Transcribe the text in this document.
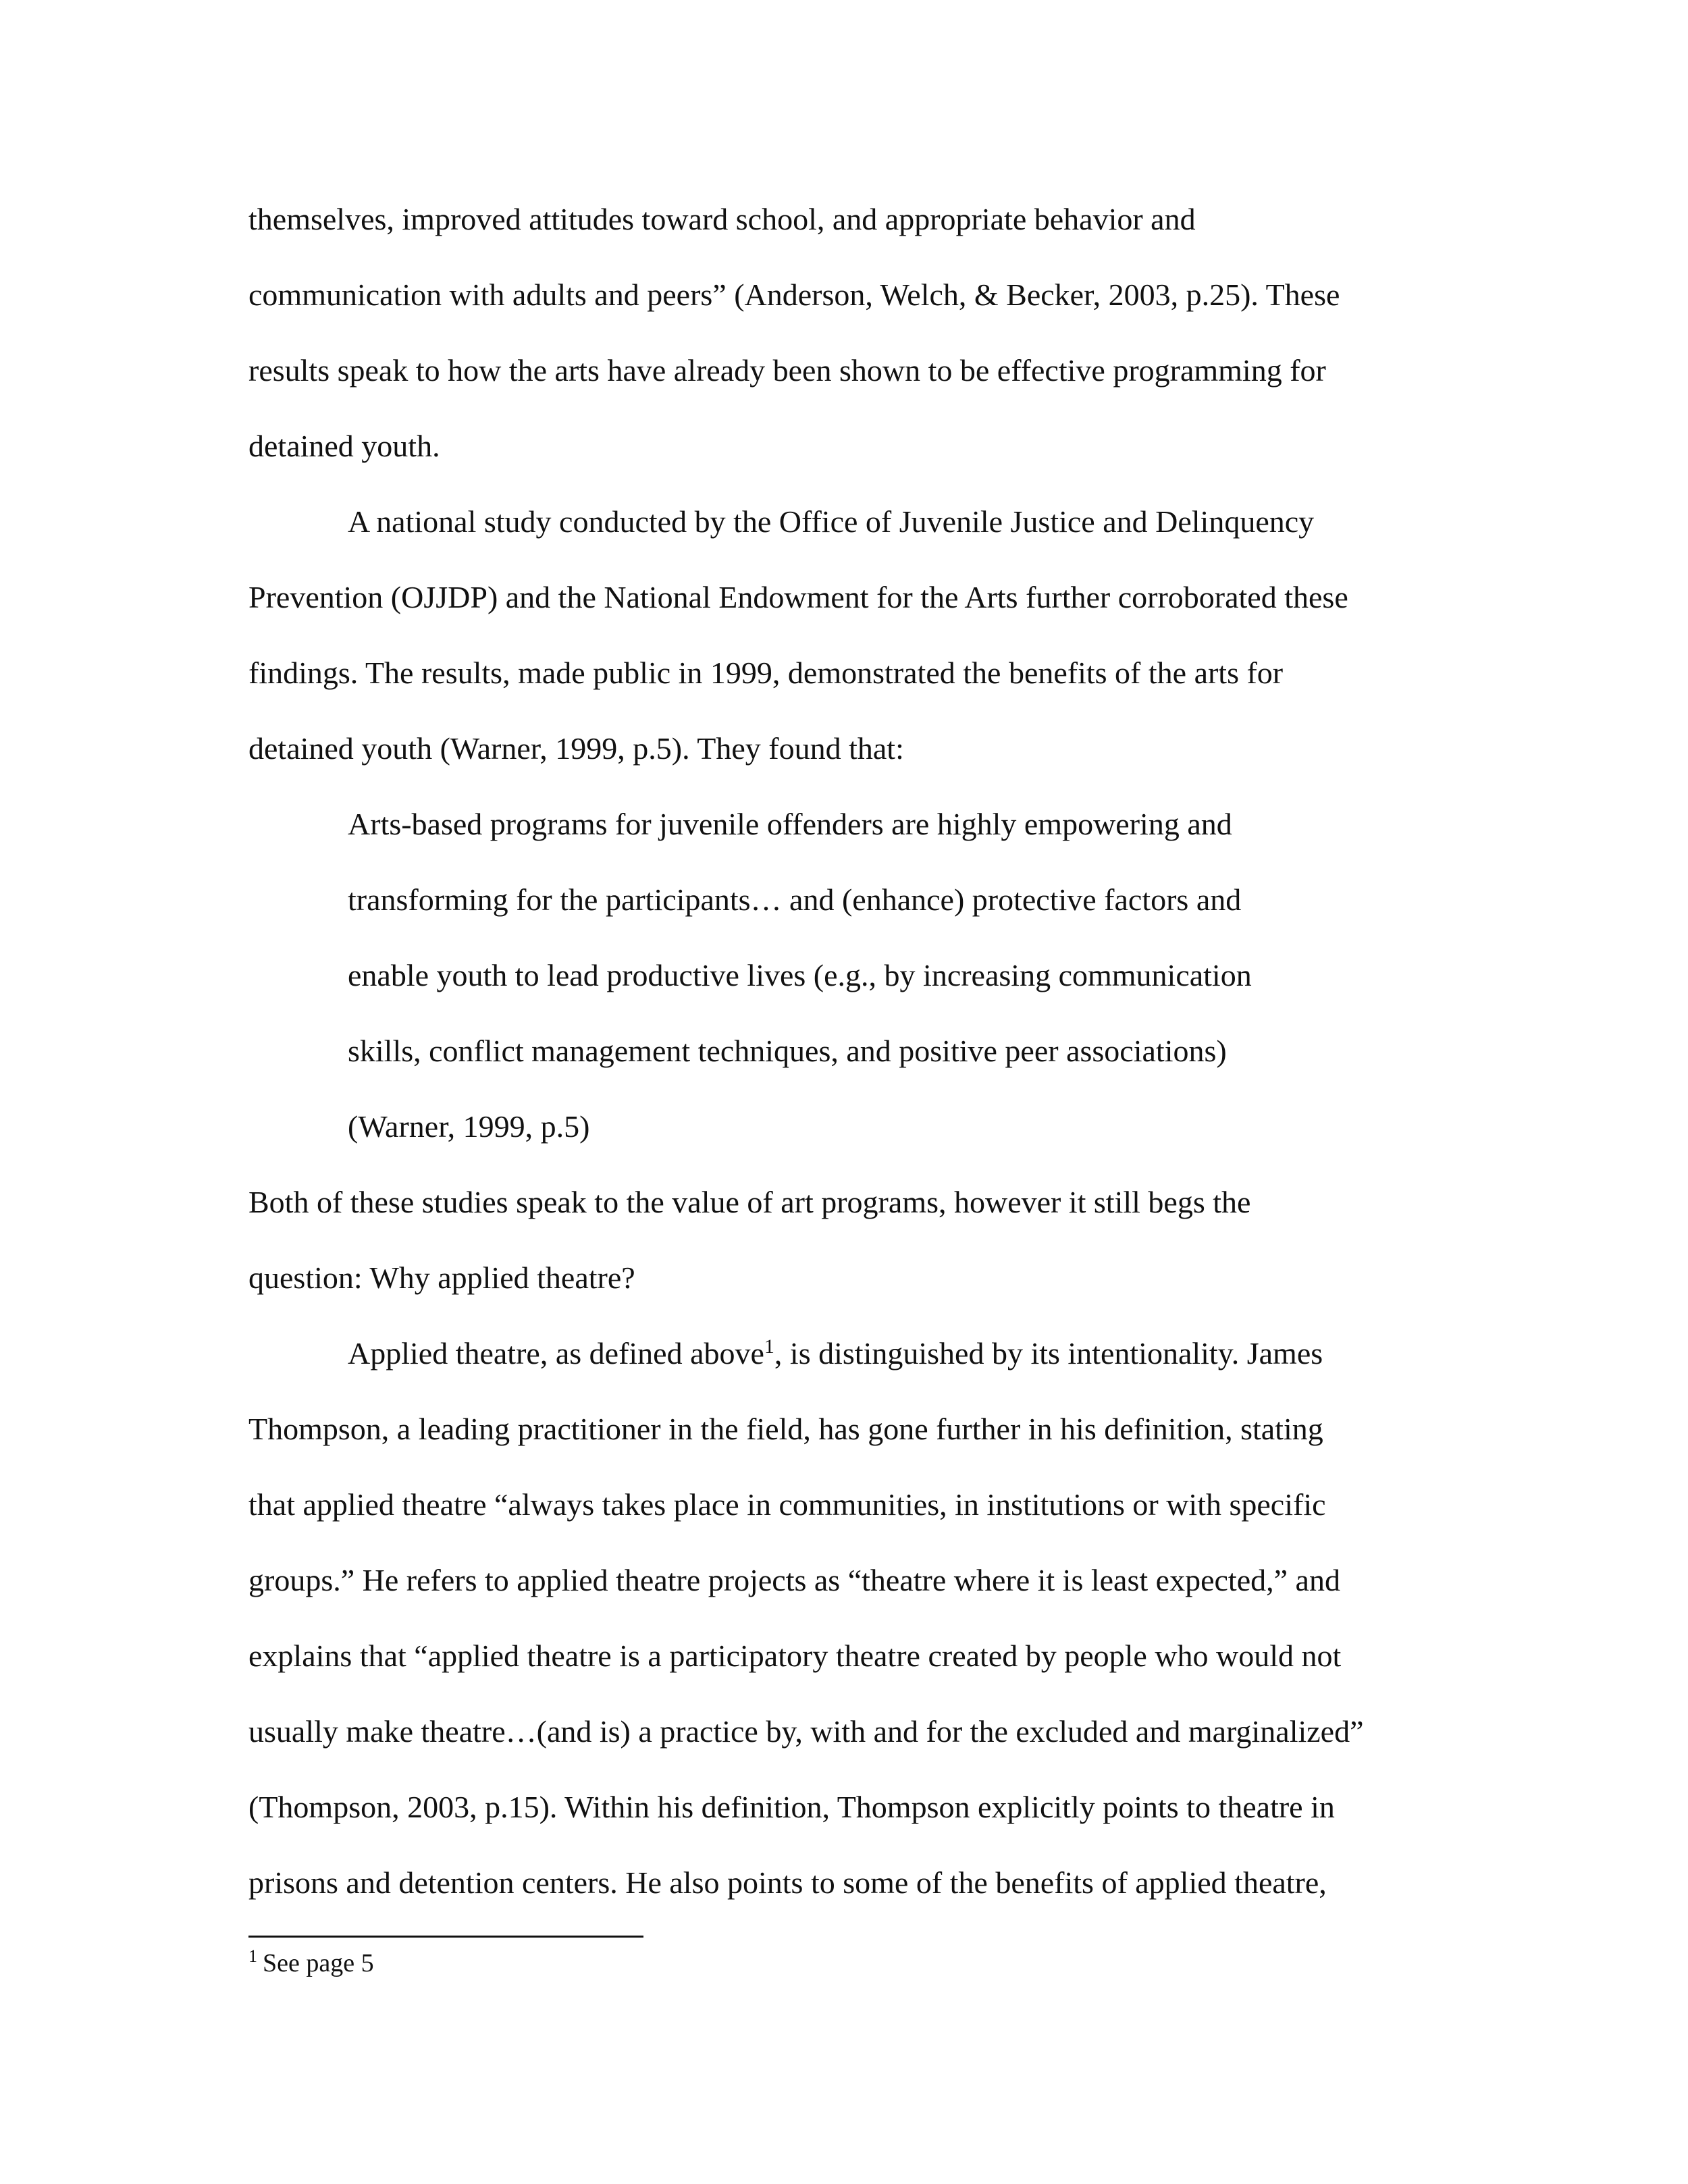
themselves, improved attitudes toward school, and appropriate behavior and
communication with adults and peers” (Anderson, Welch, & Becker, 2003, p.25). These
results speak to how the arts have already been shown to be effective programming for
detained youth.
A national study conducted by the Office of Juvenile Justice and Delinquency
Prevention (OJJDP) and the National Endowment for the Arts further corroborated these
findings. The results, made public in 1999, demonstrated the benefits of the arts for
detained youth (Warner, 1999, p.5). They found that:
Arts-based programs for juvenile offenders are highly empowering and
transforming for the participants… and (enhance) protective factors and
enable youth to lead productive lives (e.g., by increasing communication
skills, conflict management techniques, and positive peer associations)
(Warner, 1999, p.5)
Both of these studies speak to the value of art programs, however it still begs the
question: Why applied theatre?
Applied theatre, as defined above$^1$, is distinguished by its intentionality. James
Thompson, a leading practitioner in the field, has gone further in his definition, stating
that applied theatre “always takes place in communities, in institutions or with specific
groups.” He refers to applied theatre projects as “theatre where it is least expected,” and
explains that “applied theatre is a participatory theatre created by people who would not
usually make theatre…(and is) a practice by, with and for the excluded and marginalized”
(Thompson, 2003, p.15). Within his definition, Thompson explicitly points to theatre in
prisons and detention centers. He also points to some of the benefits of applied theatre,
$^1$ See page 5
